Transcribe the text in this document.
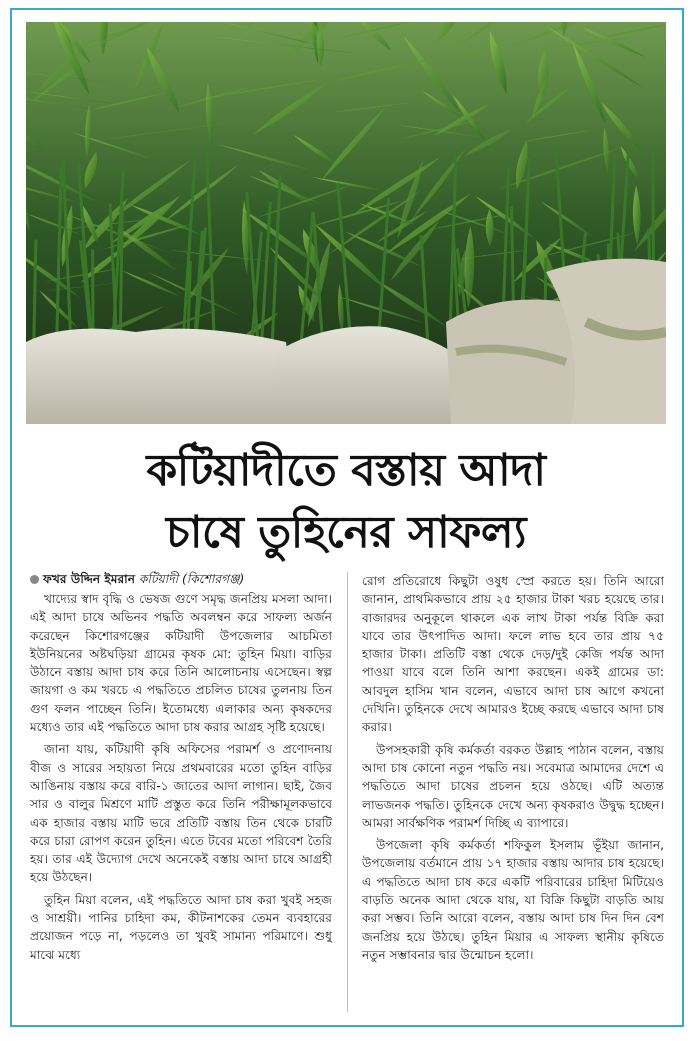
কটিয়াদীতে বস্তায় আদা
চাষে তুহিনের সাফল্য
ফখর উদ্দিন ইমরান কটিয়াদী (কিশোরগঞ্জ)

খাদ্যের স্বাদ বৃদ্ধি ও ভেষজ গুণে সমৃদ্ধ জনপ্রিয় মসলা আদা। এই আদা চাষে অভিনব পদ্ধতি অবলম্বন করে সাফল্য অর্জন করেছেন কিশোরগঞ্জের কটিয়াদী উপজেলার আচমিতা ইউনিয়নের অষ্টঘড়িয়া গ্রামের কৃষক মো: তুহিন মিয়া। বাড়ির উঠানে বস্তায় আদা চাষ করে তিনি আলোচনায় এসেছেন। স্বল্প জায়গা ও কম খরচে এ পদ্ধতিতে প্রচলিত চাষের তুলনায় তিন গুণ ফলন পাচ্ছেন তিনি। ইতোমধ্যে এলাকার অন্য কৃষকদের মধ্যেও তার এই পদ্ধতিতে আদা চাষ করার আগ্রহ সৃষ্টি হয়েছে।

জানা যায়, কটিয়াদী কৃষি অফিসের পরামর্শ ও প্রণোদনায় বীজ ও সারের সহায়তা নিয়ে প্রথমবারের মতো তুহিন বাড়ির আঙিনায় বস্তায় করে বারি-১ জাতের আদা লাগান। ছাই, জৈব সার ও বালুর মিশ্রণে মাটি প্রস্তুত করে তিনি পরীক্ষামূলকভাবে এক হাজার বস্তায় মাটি ভরে প্রতিটি বস্তায় তিন থেকে চারটি করে চারা রোপণ করেন তুহিন। এতে টবের মতো পরিবেশ তৈরি হয়। তার এই উদ্যোগ দেখে অনেকেই বস্তায় আদা চাষে আগ্রহী হয়ে উঠছেন।

তুহিন মিয়া বলেন, এই পদ্ধতিতে আদা চাষ করা খুবই সহজ ও সাশ্রয়ী। পানির চাহিদা কম, কীটনাশকের তেমন ব্যবহারের প্রয়োজন পড়ে না, পড়লেও তা খুবই সামান্য পরিমাণে। শুধু মাঝে মধ্যে

রোগ প্রতিরোধে কিছুটা ওষুধ স্প্রে করতে হয়। তিনি আরো জানান, প্রাথমিকভাবে প্রায় ২৫ হাজার টাকা খরচ হয়েছে তার। বাজারদর অনুকূলে থাকলে এক লাখ টাকা পর্যন্ত বিক্রি করা যাবে তার উৎপাদিত আদা। ফলে লাভ হবে তার প্রায় ৭৫ হাজার টাকা। প্রতিটি বস্তা থেকে দেড়/দুই কেজি পর্যন্ত আদা পাওয়া যাবে বলে তিনি আশা করছেন। একই গ্রামের ডা: আবদুল হাসিম খান বলেন, এভাবে আদা চাষ আগে কখনো দেখিনি। তুহিনকে দেখে আমারও ইচ্ছে করছে এভাবে আদা চাষ করার।

উপসহকারী কৃষি কর্মকর্তা বরকত উল্লাহ পাঠান বলেন, বস্তায় আদা চাষ কোনো নতুন পদ্ধতি নয়। সবেমাত্র আমাদের দেশে এ পদ্ধতিতে আদা চাষের প্রচলন হয়ে ওঠছে। এটি অত্যন্ত লাভজনক পদ্ধতি। তুহিনকে দেখে অন্য কৃষকরাও উদ্বুদ্ধ হচ্ছেন। আমরা সার্বক্ষণিক পরামর্শ দিচ্ছি এ ব্যাপারে।

উপজেলা কৃষি কর্মকর্তা শফিকুল ইসলাম ভূঁইয়া জানান, উপজেলায় বর্তমানে প্রায় ১৭ হাজার বস্তায় আদার চাষ হয়েছে। এ পদ্ধতিতে আদা চাষ করে একটি পরিবারের চাহিদা মিটিয়েও বাড়তি অনেক আদা থেকে যায়, যা বিক্রি কিছুটা বাড়তি আয় করা সম্ভব। তিনি আরো বলেন, বস্তায় আদা চাষ দিন দিন বেশ জনপ্রিয় হয়ে উঠছে। তুহিন মিয়ার এ সাফল্য স্থানীয় কৃষিতে নতুন সম্ভাবনার দ্বার উন্মোচন হলো।
